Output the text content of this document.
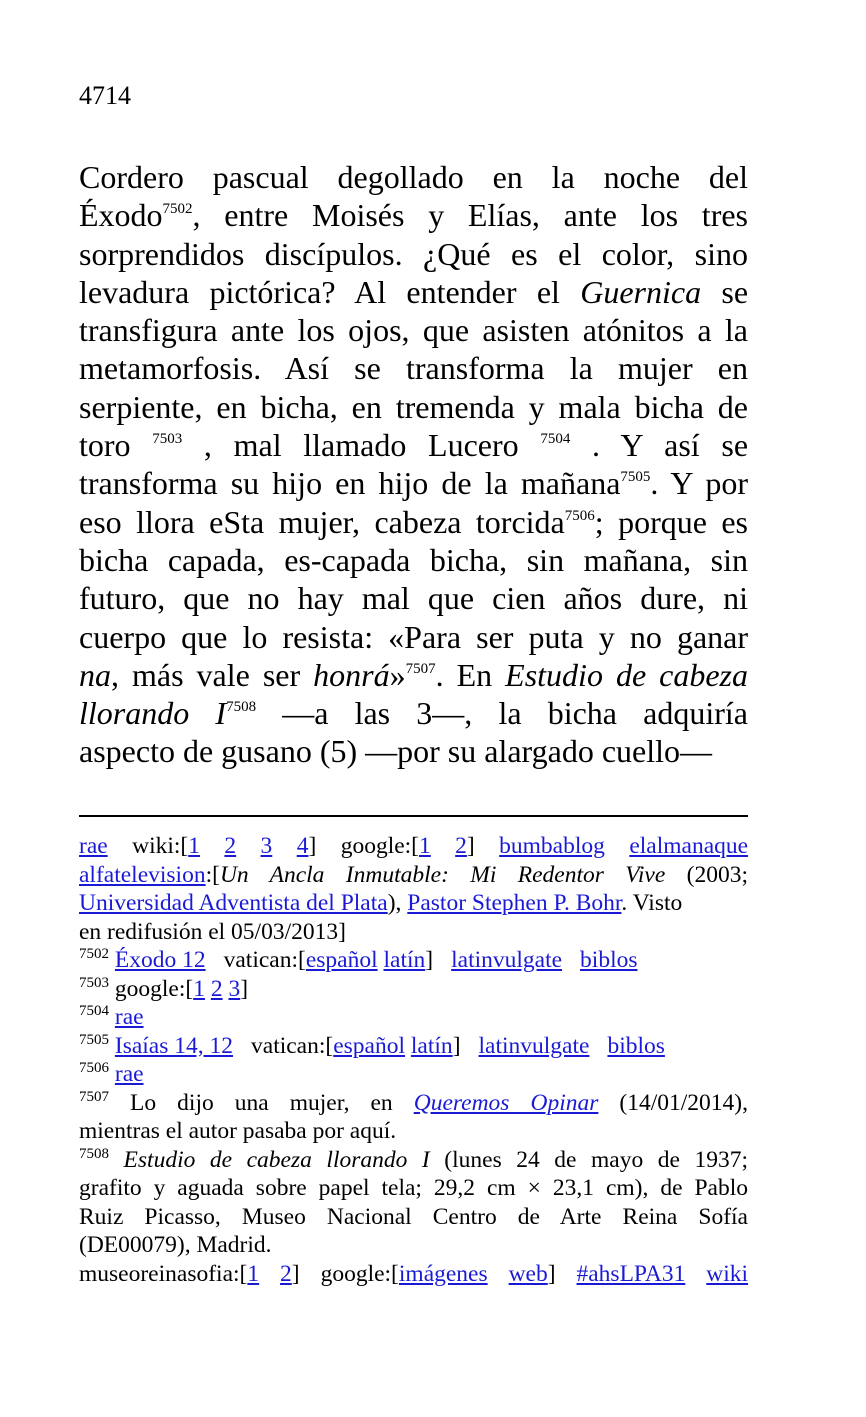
4714
Cordero pascual degollado en la noche del
Éxodo$^{7502}$, entre Moisés y Elías, ante los tres
sorprendidos discípulos. ¿Qué es el color, sino
levadura pictórica? Al entender el Guernica se
transfigura ante los ojos, que asisten atónitos a la
metamorfosis. Así se transforma la mujer en
serpiente, en bicha, en tremenda y mala bicha de
toro $^{7503}$ , mal llamado Lucero $^{7504}$ . Y así se
transforma su hijo en hijo de la mañana$^{7505}$. Y por
eso llora eSta mujer, cabeza torcida$^{7506}$; porque es
bicha capada, es-capada bicha, sin mañana, sin
futuro, que no hay mal que cien años dure, ni
cuerpo que lo resista: «Para ser puta y no ganar
na, más vale ser honrá»$^{7507}$. En Estudio de cabeza
llorando $I^{7508}$ —a las 3—, la bicha adquiría
aspecto de gusano (5) —por su alargado cuello—
rae wiki:[1 2 3 4] google:[1 2] bumbablog elalmanaque
alfatelevision:[Un Ancla Inmutable: Mi Redentor Vive (2003;
Universidad Adventista del Plata), Pastor Stephen P. Bohr. Visto
en redifusión el 05/03/2013]
$^{7502}$ Éxodo 12 vatican:[español latín] latinvulgate biblos
$^{7503}$ google:[1 2 3]
$^{7504}$ rae
$^{7505}$ Isaías 14, 12 vatican:[español latín] latinvulgate biblos
$^{7506}$ rae
$^{7507}$ Lo dijo una mujer, en Queremos Opinar (14/01/2014),
mientras el autor pasaba por aquí.
$^{7508}$ Estudio de cabeza llorando I (lunes 24 de mayo de 1937;
grafito y aguada sobre papel tela; 29,2 cm × 23,1 cm), de Pablo
Ruiz Picasso, Museo Nacional Centro de Arte Reina Sofía
(DE00079), Madrid.
museoreinasofia:[1 2] google:[imágenes web] #ahsLPA31 wiki
